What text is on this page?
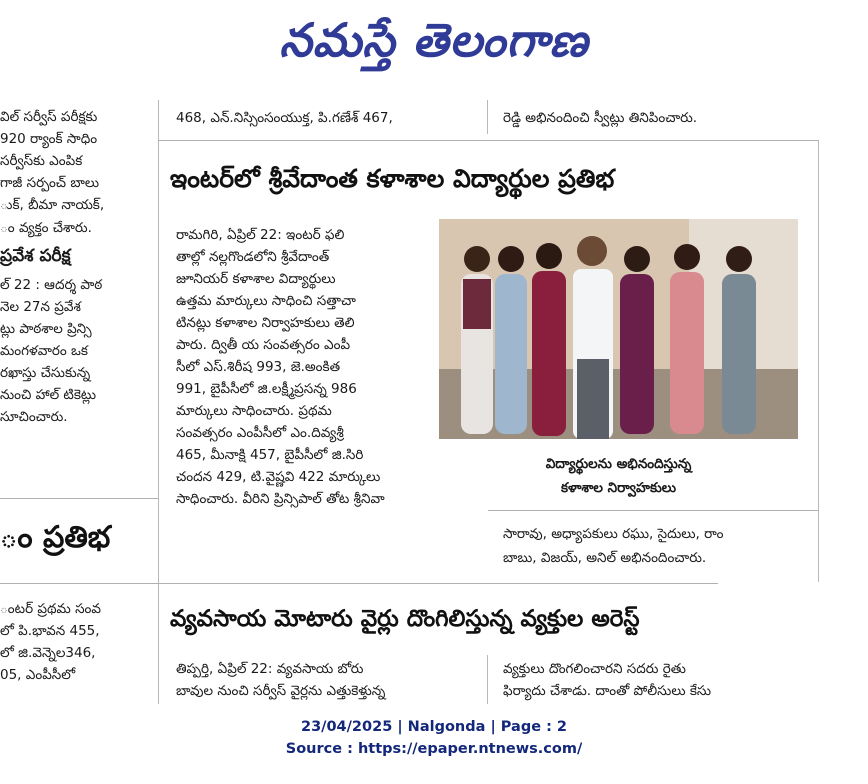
నమస్తే తెలంగాణ
విల్ సర్వీస్ పరీక్షకు
920 ర్యాంక్ సాధిం
సర్వీస్‌కు ఎంపిక
గాజీ సర్పంచ్ బాలు
ుక్, బీమా నాయక్,
ం వ్యక్తం చేశారు.
ప్రవేశ పరీక్ష
ల్ 22 : ఆదర్శ పాఠ
నెల 27న ప్రవేశ
ట్లు పాఠశాల ప్రిన్సి
మంగళవారం ఒక
రఖాస్తు చేసుకున్న
నుంచి హాల్ టికెట్లు
సూచించారు.
ం ప్రతిభ
ంటర్ ప్రథమ సంవ
లో పి.భావన 455,
లో జి.వెన్నెల346,
05, ఎంపీసీలో
468, ఎన్.నిస్సింసంయుక్త, పి.గణేశ్ 467,	రెడ్డి అభినందించి స్వీట్లు తినిపించారు.
ఇంటర్‌లో శ్రీవేదాంత కళాశాల విద్యార్థుల ప్రతిభ
రామగిరి, ఏప్రిల్ 22: ఇంటర్ ఫలి
తాల్లో నల్లగొండలోని శ్రీవేదాంత్
జూనియర్ కళాశాల విద్యార్థులు
ఉత్తమ మార్కులు సాధించి సత్తాచా
టినట్లు కళాశాల నిర్వాహకులు తెలి
పారు. ద్వితీ య సంవత్సరం ఎంపీ
సీలో ఎస్.శిరీష 993, జె.అంకిత
991, బైపీసీలో జి.లక్ష్మీప్రసన్న 986
మార్కులు సాధించారు. ప్రథమ
సంవత్సరం ఎంపీసీలో ఎం.దివ్యశ్రీ
465, మీనాక్షి 457, బైపీసీలో జి.సిరి
చందన 429, టి.వైష్ణవి 422 మార్కులు
సాధించారు. వీరిని ప్రిన్సిపాల్ తోట శ్రీనివా
విద్యార్థులను అభినందిస్తున్న
కళాశాల నిర్వాహకులు
సారావు, అధ్యాపకులు రఘు, సైదులు, రాం
బాబు, విజయ్, అనిల్ అభినందించారు.
వ్యవసాయ మోటారు వైర్లు దొంగిలిస్తున్న వ్యక్తుల అరెస్ట్
తిప్పర్తి, ఏప్రిల్ 22: వ్యవసాయ బోరు
బావుల నుంచి సర్వీస్ వైర్లను ఎత్తుకెళ్తున్న
వ్యక్తులు దొంగలించారని సదరు రైతు
ఫిర్యాదు చేశాడు. దాంతో పోలీసులు కేసు
23/04/2025 | Nalgonda | Page : 2
Source : https://epaper.ntnews.com/
